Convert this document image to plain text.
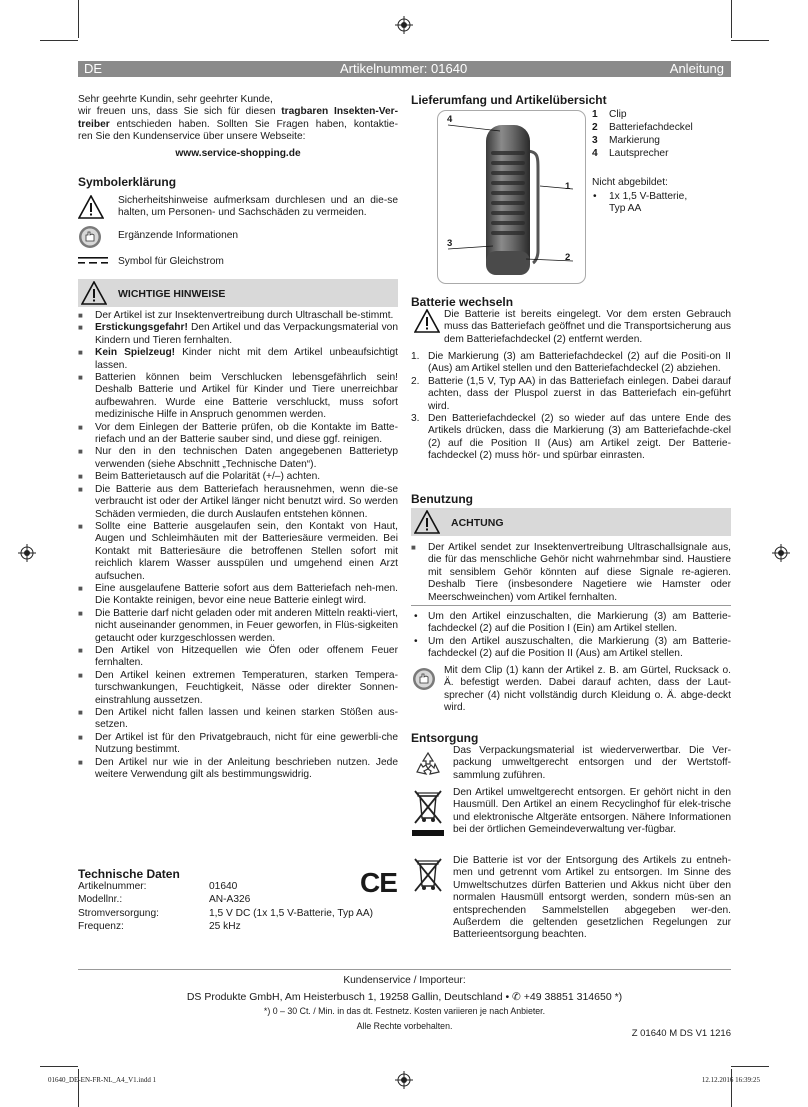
DE	Artikelnummer: 01640	Anleitung
Sehr geehrte Kundin, sehr geehrter Kunde,
wir freuen uns, dass Sie sich für diesen tragbaren Insekten-Ver-
treiber entschieden haben. Sollten Sie Fragen haben, kontaktie-
ren Sie den Kundenservice über unsere Webseite:
www.service-shopping.de
Symbolerklärung
Sicherheitshinweise aufmerksam durchlesen und an die-se halten, um Personen- und Sachschäden zu vermeiden.
Ergänzende Informationen
Symbol für Gleichstrom
WICHTIGE HINWEISE

■ Der Artikel ist zur Insektenvertreibung durch Ultraschall be-stimmt.

■ Erstickungsgefahr! Den Artikel und das Verpackungsmaterial von Kindern und Tieren fernhalten.

■ Kein Spielzeug! Kinder nicht mit dem Artikel unbeaufsichtigt lassen.

■ Batterien können beim Verschlucken lebensgefährlich sein! Deshalb Batterie und Artikel für Kinder und Tiere unerreichbar aufbewahren. Wurde eine Batterie verschluckt, muss sofort medizinische Hilfe in Anspruch genommen werden.

■ Vor dem Einlegen der Batterie prüfen, ob die Kontakte im Batte-riefach und an der Batterie sauber sind, und diese ggf. reinigen.

■ Nur den in den technischen Daten angegebenen Batterietyp verwenden (siehe Abschnitt „Technische Daten“).

■ Beim Batterietausch auf die Polarität (+/–) achten.

■ Die Batterie aus dem Batteriefach herausnehmen, wenn die-se verbraucht ist oder der Artikel länger nicht benutzt wird. So werden Schäden vermieden, die durch Auslaufen entstehen können.

■ Sollte eine Batterie ausgelaufen sein, den Kontakt von Haut, Augen und Schleimhäuten mit der Batteriesäure vermeiden. Bei Kontakt mit Batteriesäure die betroffenen Stellen sofort mit reichlich klarem Wasser ausspülen und umgehend einen Arzt aufsuchen.

■ Eine ausgelaufene Batterie sofort aus dem Batteriefach neh-men. Die Kontakte reinigen, bevor eine neue Batterie einlegt wird.

■ Die Batterie darf nicht geladen oder mit anderen Mitteln reakti-viert, nicht auseinander genommen, in Feuer geworfen, in Flüs-sigkeiten getaucht oder kurzgeschlossen werden.

■ Den Artikel von Hitzequellen wie Öfen oder offenem Feuer fernhalten.

■ Den Artikel keinen extremen Temperaturen, starken Tempera-turschwankungen, Feuchtigkeit, Nässe oder direkter Sonnen-einstrahlung aussetzen.

■ Den Artikel nicht fallen lassen und keinen starken Stößen aus-setzen.

■ Der Artikel ist für den Privatgebrauch, nicht für eine gewerbli-che Nutzung bestimmt.

■ Den Artikel nur wie in der Anleitung beschrieben nutzen. Jede weitere Verwendung gilt als bestimmungswidrig.

Technische Daten
Artikelnummer:	01640
Modellnr.:	AN-A326
Stromversorgung:	1,5 V DC (1x 1,5 V-Batterie, Typ AA)
Frequenz:	25 kHz
CE
Lieferumfang und Artikelübersicht
4
1
3
2
1 Clip
2 Batteriefachdeckel
3 Markierung
4 Lautsprecher
Nicht abgebildet:
• 1x 1,5 V-Batterie,
Typ AA
Batterie wechseln
Die Batterie ist bereits eingelegt. Vor dem ersten Gebrauch muss das Batteriefach geöffnet und die Transportsicherung aus dem Batteriefachdeckel (2) entfernt werden.

1. Die Markierung (3) am Batteriefachdeckel (2) auf die Positi-on II (Aus) am Artikel stellen und den Batteriefachdeckel (2) abziehen.

2. Batterie (1,5 V, Typ AA) in das Batteriefach einlegen. Dabei darauf achten, dass der Pluspol zuerst in das Batteriefach ein-geführt wird.

3. Den Batteriefachdeckel (2) so wieder auf das untere Ende des Artikels drücken, dass die Markierung (3) am Batteriefachde-ckel (2) auf die Position II (Aus) am Artikel zeigt. Der Batterie-fachdeckel (2) muss hör- und spürbar einrasten.

Benutzung
ACHTUNG

■ Der Artikel sendet zur Insektenvertreibung Ultraschallsignale aus, die für das menschliche Gehör nicht wahrnehmbar sind. Haustiere mit sensiblem Gehör könnten auf diese Signale re-agieren. Deshalb Tiere (insbesondere Nagetiere wie Hamster oder Meerschweinchen) vom Artikel fernhalten.

• Um den Artikel einzuschalten, die Markierung (3) am Batterie-fachdeckel (2) auf die Position I (Ein) am Artikel stellen.

• Um den Artikel auszuschalten, die Markierung (3) am Batterie-fachdeckel (2) auf die Position II (Aus) am Artikel stellen.

Mit dem Clip (1) kann der Artikel z. B. am Gürtel, Rucksack o. Ä. befestigt werden. Dabei darauf achten, dass der Laut-sprecher (4) nicht vollständig durch Kleidung o. Ä. abge-deckt wird.
Entsorgung
Das Verpackungsmaterial ist wiederverwertbar. Die Ver-packung umweltgerecht entsorgen und der Wertstoff-sammlung zuführen.
Den Artikel umweltgerecht entsorgen. Er gehört nicht in den Hausmüll. Den Artikel an einem Recyclinghof für elek-trische und elektronische Altgeräte entsorgen. Nähere Informationen bei der örtlichen Gemeindeverwaltung ver-fügbar.
Die Batterie ist vor der Entsorgung des Artikels zu entneh-men und getrennt vom Artikel zu entsorgen. Im Sinne des Umweltschutzes dürfen Batterien und Akkus nicht über den normalen Hausmüll entsorgt werden, sondern müs-sen an entsprechenden Sammelstellen abgegeben wer-den. Außerdem die geltenden gesetzlichen Regelungen zur Batterieentsorgung beachten.
Kundenservice / Importeur:
DS Produkte GmbH, Am Heisterbusch 1, 19258 Gallin, Deutschland • ✆ +49 38851 314650 *)
*) 0 – 30 Ct. / Min. in das dt. Festnetz. Kosten variieren je nach Anbieter.
Alle Rechte vorbehalten.
Z 01640 M DS V1 1216
01640_DE-EN-FR-NL_A4_V1.indd 1	12.12.2016 16:39:25
